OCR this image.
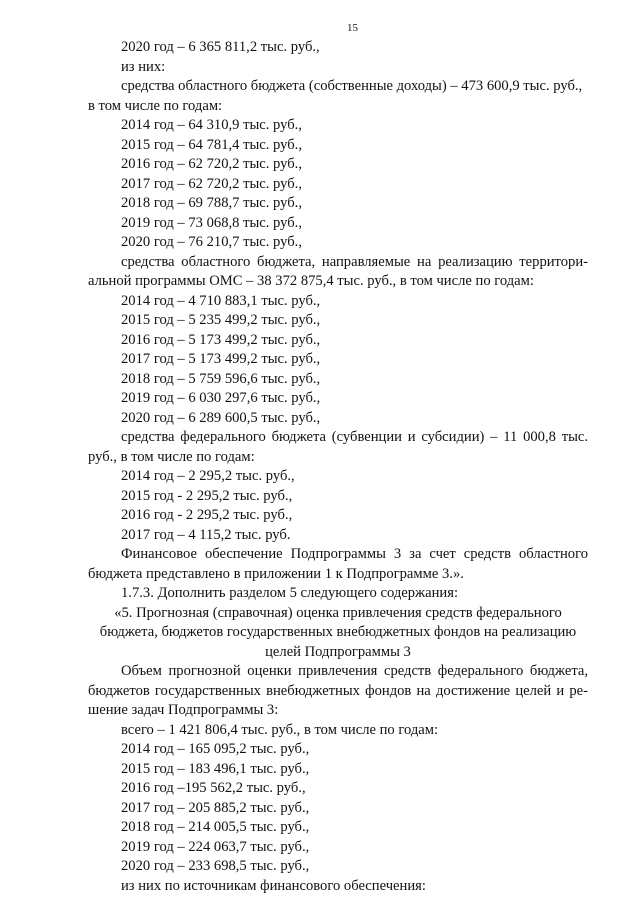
15
2020 год – 6 365 811,2 тыс. руб.,
из них:
средства областного бюджета (собственные доходы) – 473 600,9 тыс. руб.,
в том числе по годам:
2014 год – 64 310,9 тыс. руб.,
2015 год – 64 781,4 тыс. руб.,
2016 год – 62 720,2 тыс. руб.,
2017 год – 62 720,2 тыс. руб.,
2018 год – 69 788,7 тыс. руб.,
2019 год – 73 068,8 тыс. руб.,
2020 год – 76 210,7 тыс. руб.,
средства областного бюджета, направляемые на реализацию территори-
альной программы ОМС – 38 372 875,4 тыс. руб., в том числе по годам:
2014 год – 4 710 883,1 тыс. руб.,
2015 год – 5 235 499,2 тыс. руб.,
2016 год – 5 173 499,2 тыс. руб.,
2017 год – 5 173 499,2 тыс. руб.,
2018 год – 5 759 596,6 тыс. руб.,
2019 год – 6 030 297,6 тыс. руб.,
2020 год – 6 289 600,5 тыс. руб.,
средства федерального бюджета (субвенции и субсидии) – 11 000,8 тыс.
руб., в том числе по годам:
2014 год – 2 295,2 тыс. руб.,
2015 год - 2 295,2 тыс. руб.,
2016 год - 2 295,2 тыс. руб.,
2017 год – 4 115,2 тыс. руб.
Финансовое обеспечение Подпрограммы 3 за счет средств областного
бюджета представлено в приложении 1 к Подпрограмме 3.».
1.7.3. Дополнить разделом 5 следующего содержания:
«5. Прогнозная (справочная) оценка привлечения средств федерального
бюджета, бюджетов государственных внебюджетных фондов на реализацию
целей Подпрограммы 3
Объем прогнозной оценки привлечения средств федерального бюджета,
бюджетов государственных внебюджетных фондов на достижение целей и ре-
шение задач Подпрограммы 3:
всего – 1 421 806,4 тыс. руб., в том числе по годам:
2014 год – 165 095,2 тыс. руб.,
2015 год – 183 496,1 тыс. руб.,
2016 год –195 562,2 тыс. руб.,
2017 год – 205 885,2 тыс. руб.,
2018 год – 214 005,5 тыс. руб.,
2019 год – 224 063,7 тыс. руб.,
2020 год – 233 698,5 тыс. руб.,
из них по источникам финансового обеспечения:
